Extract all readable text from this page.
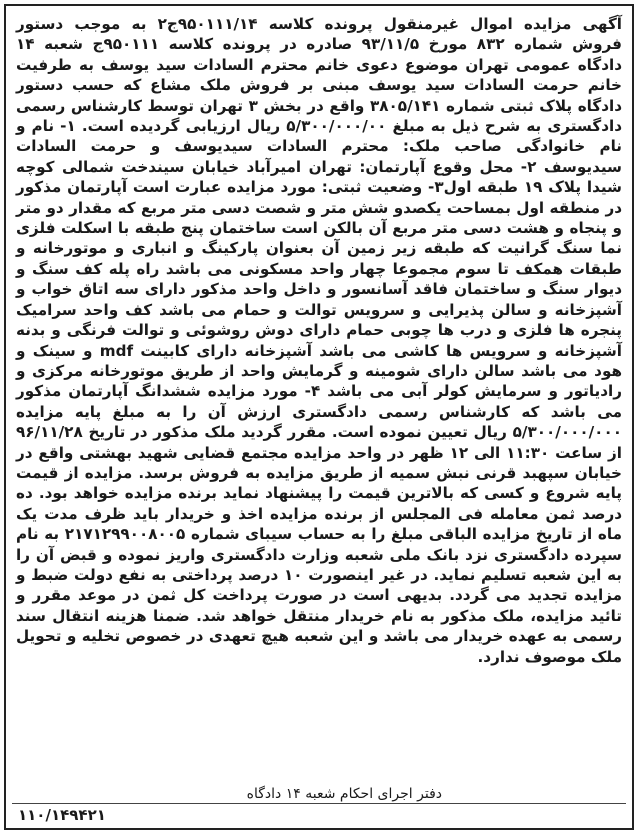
آگهی مزایده اموال غیرمنقول پرونده کلاسه ۹۵۰۱۱۱/۱۴ج۲ به موجب دستور فروش شماره ۸۳۲ مورخ ۹۳/۱۱/۵ صادره در پرونده کلاسه ۹۵۰۱۱۱ج شعبه ۱۴ دادگاه عمومی تهران موضوع دعوی خانم محترم السادات سید یوسف به طرفیت خانم حرمت السادات سید یوسف مبنی بر فروش ملک مشاع که حسب دستور دادگاه پلاک ثبتی شماره ۳۸۰۵/۱۴۱ واقع در بخش ۳ تهران توسط کارشناس رسمی دادگستری به شرح ذیل به مبلغ ۵/۳۰۰/۰۰۰/۰۰ ریال ارزیابی گردیده است. ۱- نام و نام خانوادگی صاحب ملک: محترم السادات سیدیوسف و حرمت السادات سیدیوسف ۲- محل وقوع آپارتمان: تهران امیرآباد خیابان سیندخت شمالی کوچه شیدا پلاک ۱۹ طبقه اول۳- وضعیت ثبتی: مورد مزایده عبارت است آپارتمان مذکور در منطقه اول بمساحت یکصدو شش متر و شصت دسی متر مربع که مقدار دو متر و پنجاه و هشت دسی متر مربع آن بالکن است ساختمان پنج طبقه با اسکلت فلزی نما سنگ گرانیت که طبقه زیر زمین آن بعنوان پارکینگ و انباری و موتورخانه و طبقات همکف تا سوم مجموعا چهار واحد مسکونی می باشد راه پله کف سنگ و دیوار سنگ و ساختمان فاقد آسانسور و داخل واحد مذکور دارای سه اتاق خواب و آشپزخانه و سالن پذیرایی و سرویس توالت و حمام می باشد کف واحد سرامیک پنجره ها فلزی و درب ها چوبی حمام دارای دوش روشوئی و توالت فرنگی و بدنه آشپزخانه و سرویس ها کاشی می باشد آشپزخانه دارای کابینت mdf و سینک و هود می باشد سالن دارای شومینه و گرمایش واحد از طریق موتورخانه مرکزی و رادیاتور و سرمایش کولر آبی می باشد ۴- مورد مزایده ششدانگ آپارتمان مذکور می باشد که کارشناس رسمی دادگستری ارزش آن را به مبلغ پایه مزایده ۵/۳۰۰/۰۰۰/۰۰۰ ریال تعیین نموده است. مقرر گردید ملک مذکور در تاریخ ۹۶/۱۱/۲۸ از ساعت ۱۱:۳۰ الی ۱۲ ظهر در واحد مزایده مجتمع قضایی شهید بهشتی واقع در خیابان سپهبد قرنی نبش سمیه از طریق مزایده به فروش برسد. مزایده از قیمت پایه شروع و کسی که بالاترین قیمت را پیشنهاد نماید برنده مزایده خواهد بود. ده درصد ثمن معامله فی المجلس از برنده مزایده اخذ و خریدار باید ظرف مدت یک ماه از تاریخ مزایده الباقی مبلغ را به حساب سیبای شماره ۲۱۷۱۲۹۹۰۰۸۰۰۵ به نام سپرده دادگستری نزد بانک ملی شعبه وزارت دادگستری واریز نموده و قبض آن را به این شعبه تسلیم نماید. در غیر اینصورت ۱۰ درصد پرداختی به نفع دولت ضبط و مزایده تجدید می گردد. بدیهی است در صورت پرداخت کل ثمن در موعد مقرر و تائید مزایده، ملک مذکور به نام خریدار منتقل خواهد شد. ضمنا هزینه انتقال سند رسمی به عهده خریدار می باشد و این شعبه هیچ تعهدی در خصوص تخلیه و تحویل ملک موصوف ندارد.

دفتر اجرای احکام شعبه ۱۴ دادگاه
۱۱۰/۱۴۹۴۲۱
